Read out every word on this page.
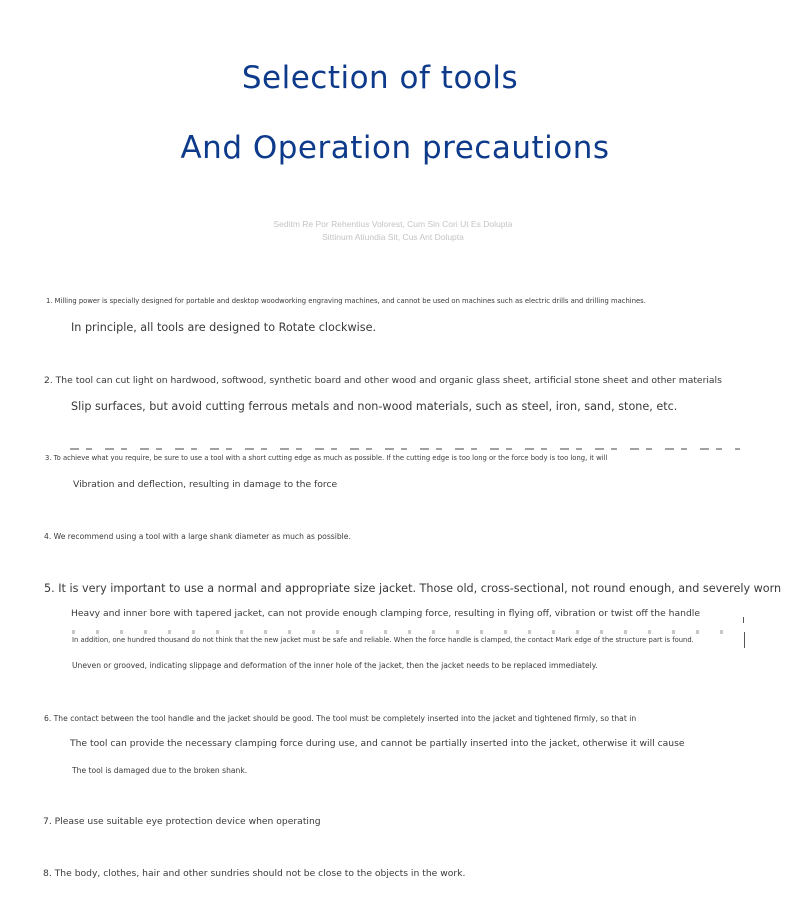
Selection of tools
And Operation precautions
Seditm Re Por Rehentius Volorest, Cum Sin Cori Ut Es Dolupta
Sittinum Atiundia Sit, Cus Ant Dolupta
1. Milling power is specially designed for portable and desktop woodworking engraving machines, and cannot be used on machines such as electric drills and drilling machines.
In principle, all tools are designed to Rotate clockwise.
2. The tool can cut light on hardwood, softwood, synthetic board and other wood and organic glass sheet, artificial stone sheet and other materials
Slip surfaces, but avoid cutting ferrous metals and non-wood materials, such as steel, iron, sand, stone, etc.
3. To achieve what you require, be sure to use a tool with a short cutting edge as much as possible. If the cutting edge is too long or the force body is too long, it will
Vibration and deflection, resulting in damage to the force
4. We recommend using a tool with a large shank diameter as much as possible.
5. It is very important to use a normal and appropriate size jacket. Those old, cross-sectional, not round enough, and severely worn
Heavy and inner bore with tapered jacket, can not provide enough clamping force, resulting in flying off, vibration or twist off the handle
In addition, one hundred thousand do not think that the new jacket must be safe and reliable. When the force handle is clamped, the contact Mark edge of the structure part is found.
Uneven or grooved, indicating slippage and deformation of the inner hole of the jacket, then the jacket needs to be replaced immediately.
6. The contact between the tool handle and the jacket should be good. The tool must be completely inserted into the jacket and tightened firmly, so that in
The tool can provide the necessary clamping force during use, and cannot be partially inserted into the jacket, otherwise it will cause
The tool is damaged due to the broken shank.
7. Please use suitable eye protection device when operating
8. The body, clothes, hair and other sundries should not be close to the objects in the work.
